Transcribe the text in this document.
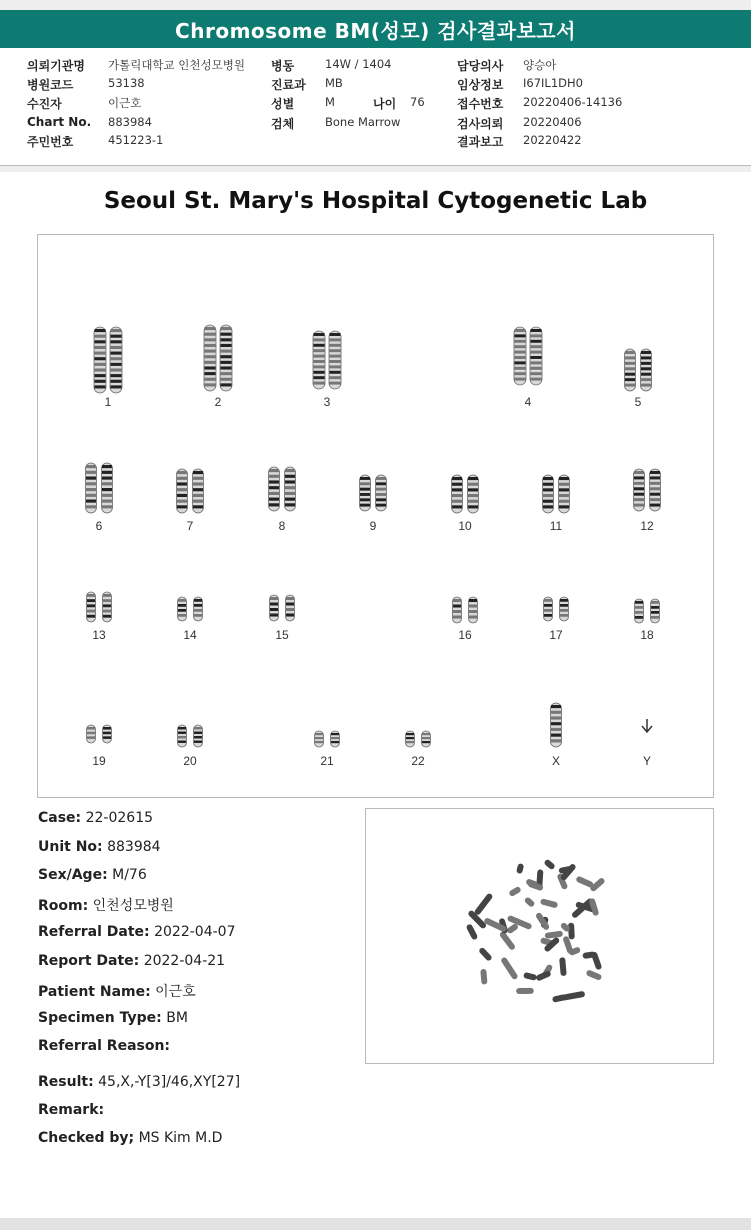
Chromosome BM(성모) 검사결과보고서
의뢰기관명 가톨릭대학교 인천성모병원 병동	14W / 1404	담당의사 양승아
병원코드	53138	진료과 MB	임상정보 I67IL1DH0
수진자	이근호	성별	M	나이 76	접수번호 20220406-14136
Chart No. 883984	검체	Bone Marrow	검사의뢰 20220406
주민번호	451223-1	결과보고 20220422
Seoul St. Mary's Hospital Cytogenetic Lab
1	2	3	4	5
6	7	8	9	10	11	12
13	14	15	16	17	18
19	20	21	22	X	Y
Case: 22-02615
Unit No: 883984
Sex/Age: M/76
Room: 인천성모병원
Referral Date: 2022-04-07
Report Date: 2022-04-21
Patient Name: 이근호
Specimen Type: BM
Referral Reason:
Result: 45,X,-Y[3]/46,XY[27]
Remark:
Checked by; MS Kim M.D
